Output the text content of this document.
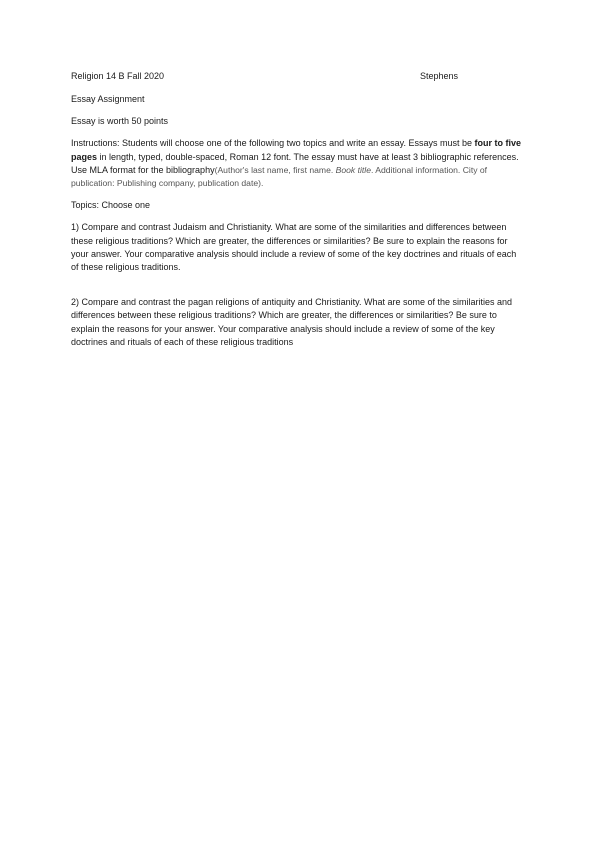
Religion 14 B Fall 2020	Stephens

Essay Assignment

Essay is worth 50 points

Instructions: Students will choose one of the following two topics and write an essay. Essays must be four to five pages in length, typed, double-spaced, Roman 12 font. The essay must have at least 3 bibliographic references. Use MLA format for the bibliography(Author's last name, first name. Book title. Additional information. City of publication: Publishing company, publication date).

Topics: Choose one

1) Compare and contrast Judaism and Christianity. What are some of the similarities and differences between these religious traditions? Which are greater, the differences or similarities? Be sure to explain the reasons for your answer. Your comparative analysis should include a review of some of the key doctrines and rituals of each of these religious traditions.

2) Compare and contrast the pagan religions of antiquity and Christianity. What are some of the similarities and differences between these religious traditions? Which are greater, the differences or similarities? Be sure to explain the reasons for your answer. Your comparative analysis should include a review of some of the key doctrines and rituals of each of these religious traditions
